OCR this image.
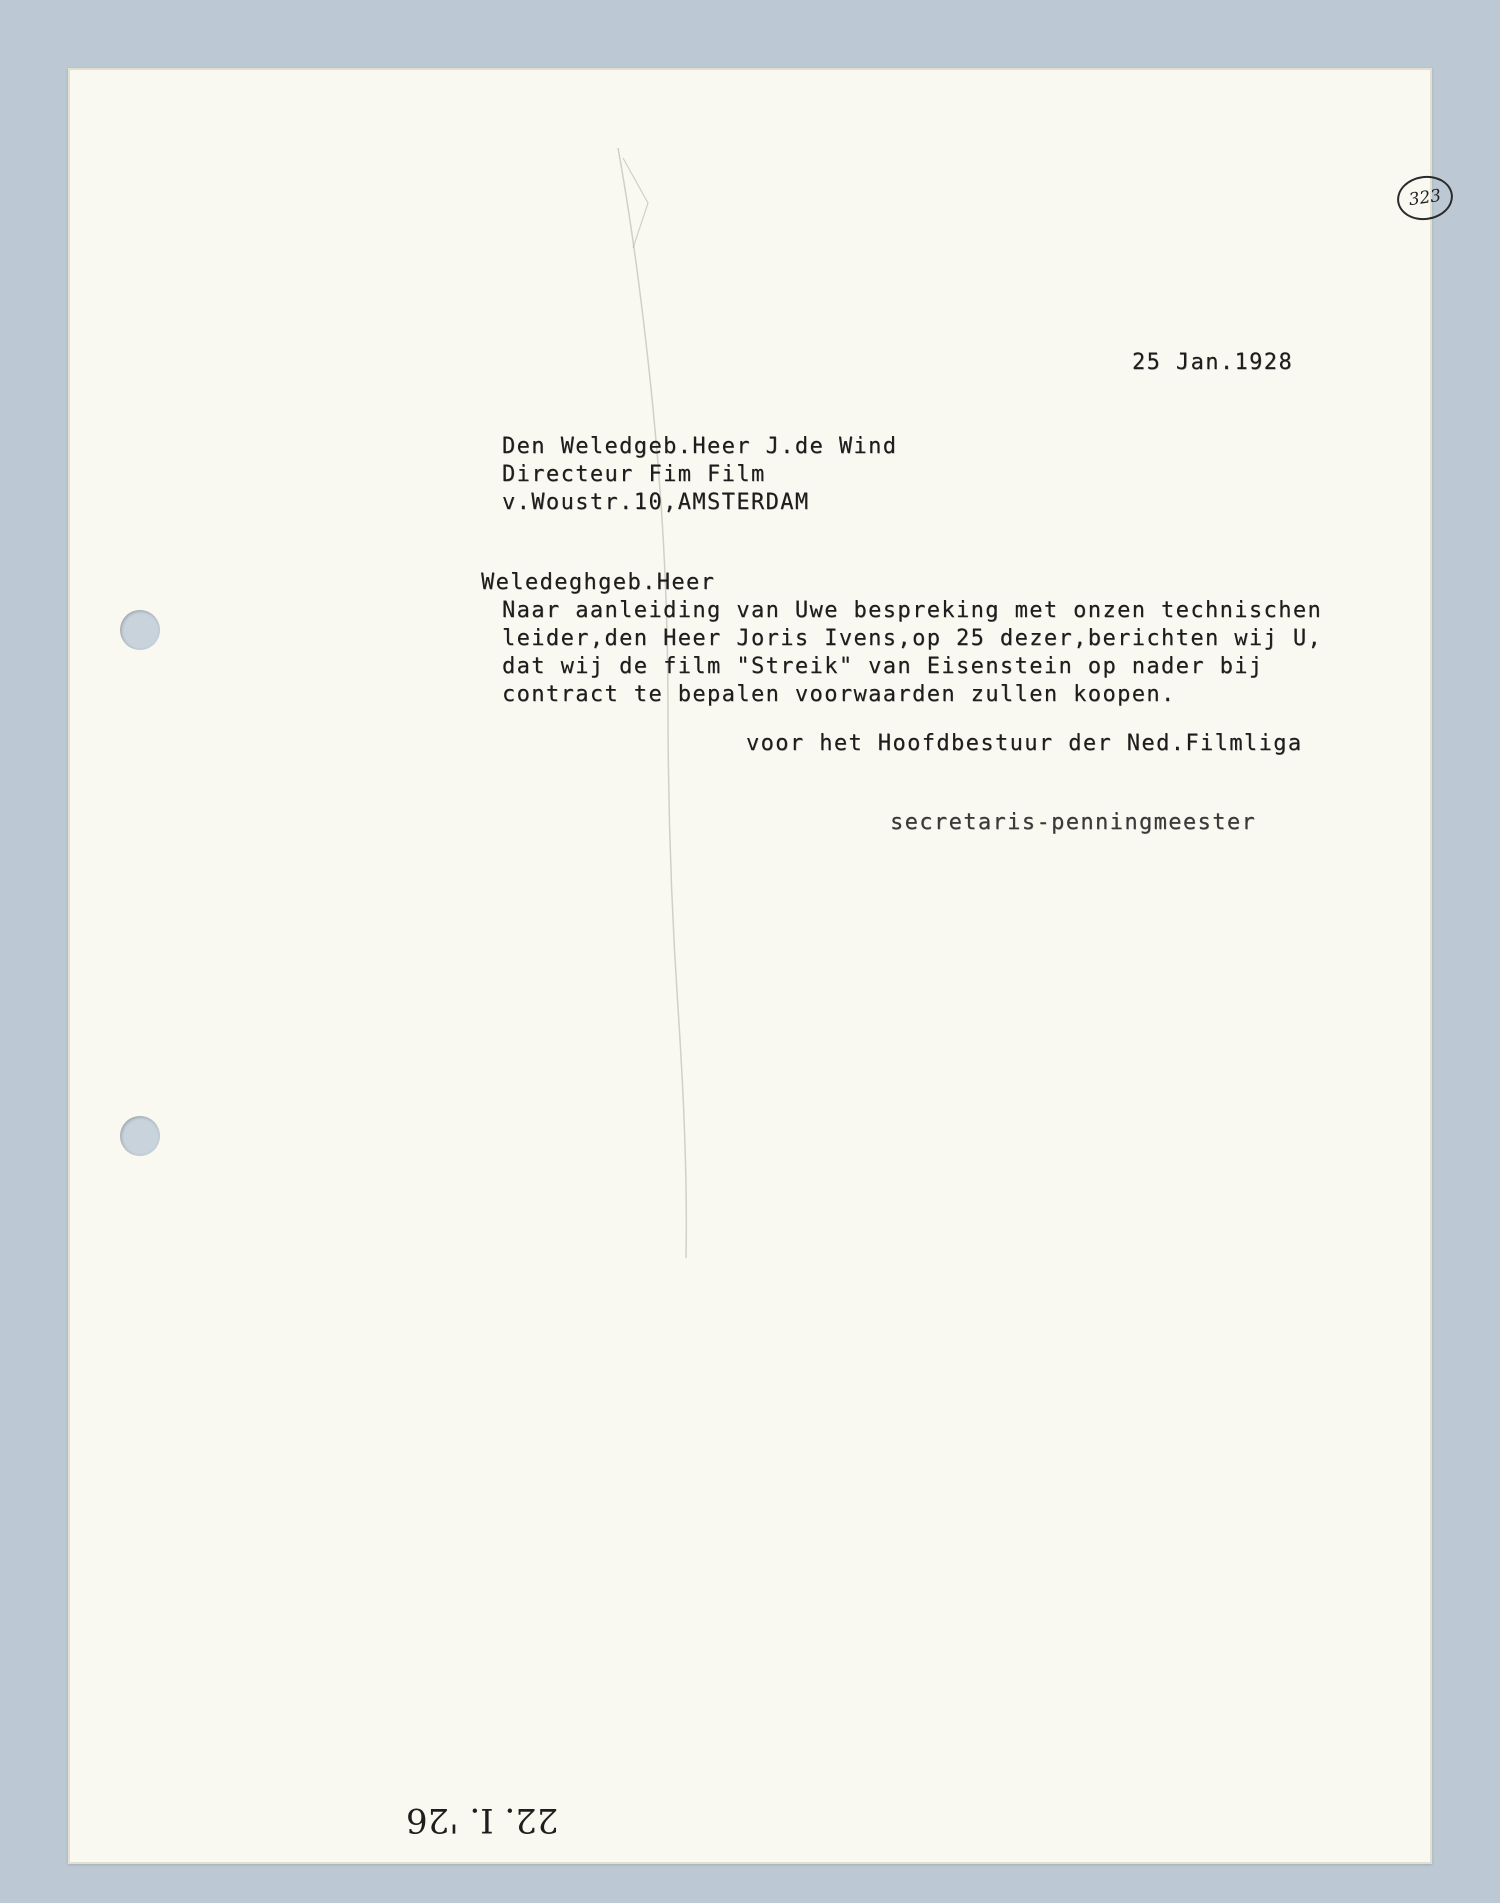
323
25 Jan.1928
Den Weledgeb.Heer J.de Wind
Directeur Fim Film
v.Woustr.10,AMSTERDAM
Weledeghgeb.Heer
Naar aanleiding van Uwe bespreking met onzen technischen
leider,den Heer Joris Ivens,op 25 dezer,berichten wij U,
dat wij de film "Streik" van Eisenstein op nader bij
contract te bepalen voorwaarden zullen koopen.
voor het Hoofdbestuur der Ned.Filmliga
secretaris-penningmeester
22. I. '26
